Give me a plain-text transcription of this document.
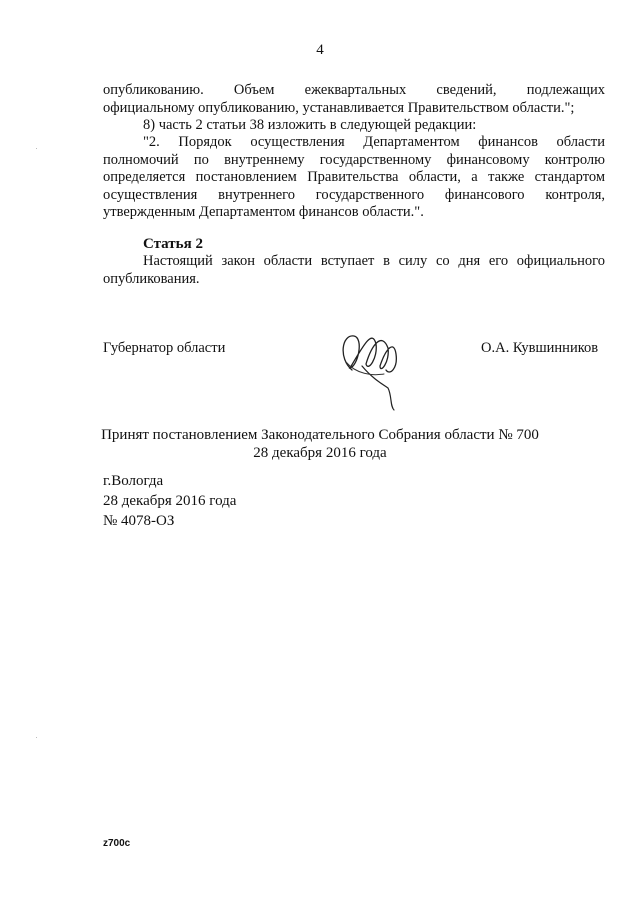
4
опубликованию. Объем ежеквартальных сведений, подлежащих
официальному опубликованию, устанавливается Правительством области.";
8) часть 2 статьи 38 изложить в следующей редакции:
"2. Порядок осуществления Департаментом финансов области
полномочий по внутреннему государственному финансовому контролю
определяется постановлением Правительства области, а также стандартом
осуществления внутреннего государственного финансового контроля,
утвержденным Департаментом финансов области.".
Статья 2
Настоящий закон области вступает в силу со дня его официального
опубликования.
Губернатор области	О.А. Кувшинников
Принят постановлением Законодательного Собрания области № 700
28 декабря 2016 года
г.Вологда
28 декабря 2016 года
№ 4078-ОЗ
z700c
